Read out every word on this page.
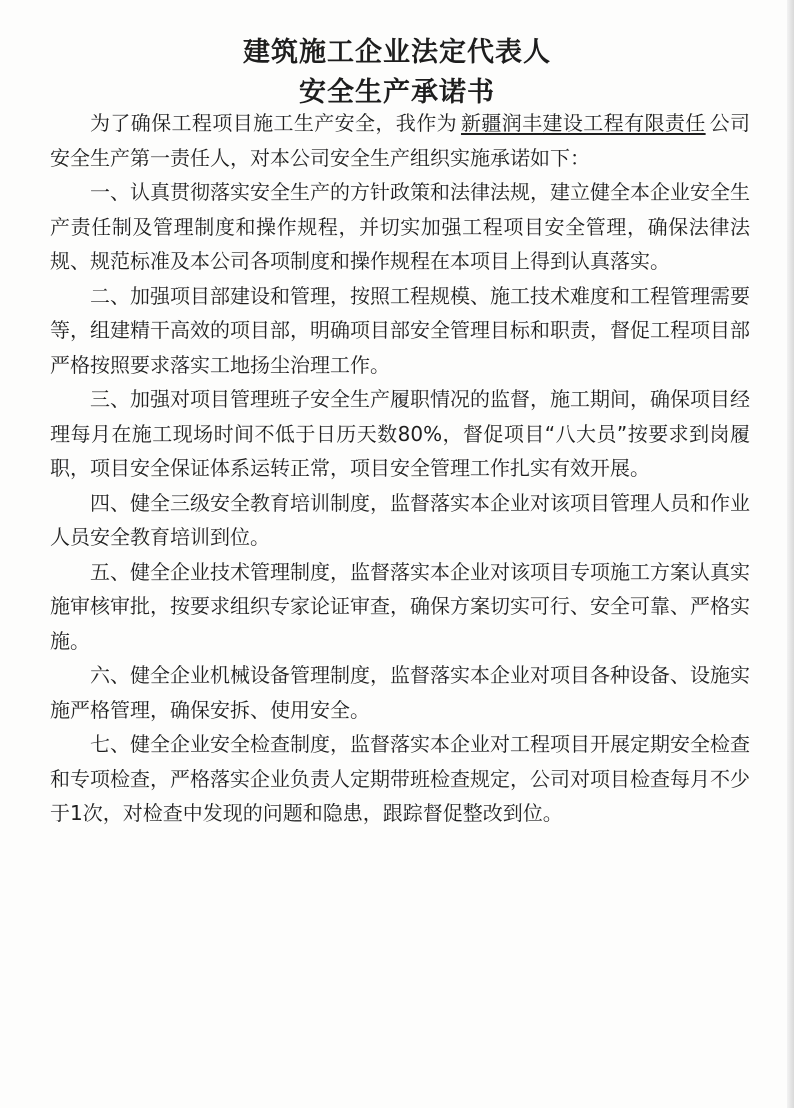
建筑施工企业法定代表人
安全生产承诺书

为了确保工程项目施工生产安全，我作为 新疆润丰建设工程有限责任 公司安全生产第一责任人，对本公司安全生产组织实施承诺如下：

一、认真贯彻落实安全生产的方针政策和法律法规，建立健全本企业安全生产责任制及管理制度和操作规程，并切实加强工程项目安全管理，确保法律法规、规范标准及本公司各项制度和操作规程在本项目上得到认真落实。

二、加强项目部建设和管理，按照工程规模、施工技术难度和工程管理需要等，组建精干高效的项目部，明确项目部安全管理目标和职责，督促工程项目部严格按照要求落实工地扬尘治理工作。

三、加强对项目管理班子安全生产履职情况的监督，施工期间，确保项目经理每月在施工现场时间不低于日历天数80%，督促项目“八大员”按要求到岗履职，项目安全保证体系运转正常，项目安全管理工作扎实有效开展。

四、健全三级安全教育培训制度，监督落实本企业对该项目管理人员和作业人员安全教育培训到位。

五、健全企业技术管理制度，监督落实本企业对该项目专项施工方案认真实施审核审批，按要求组织专家论证审查，确保方案切实可行、安全可靠、严格实施。

六、健全企业机械设备管理制度，监督落实本企业对项目各种设备、设施实施严格管理，确保安拆、使用安全。

七、健全企业安全检查制度，监督落实本企业对工程项目开展定期安全检查和专项检查，严格落实企业负责人定期带班检查规定，公司对项目检查每月不少于1次，对检查中发现的问题和隐患，跟踪督促整改到位。
